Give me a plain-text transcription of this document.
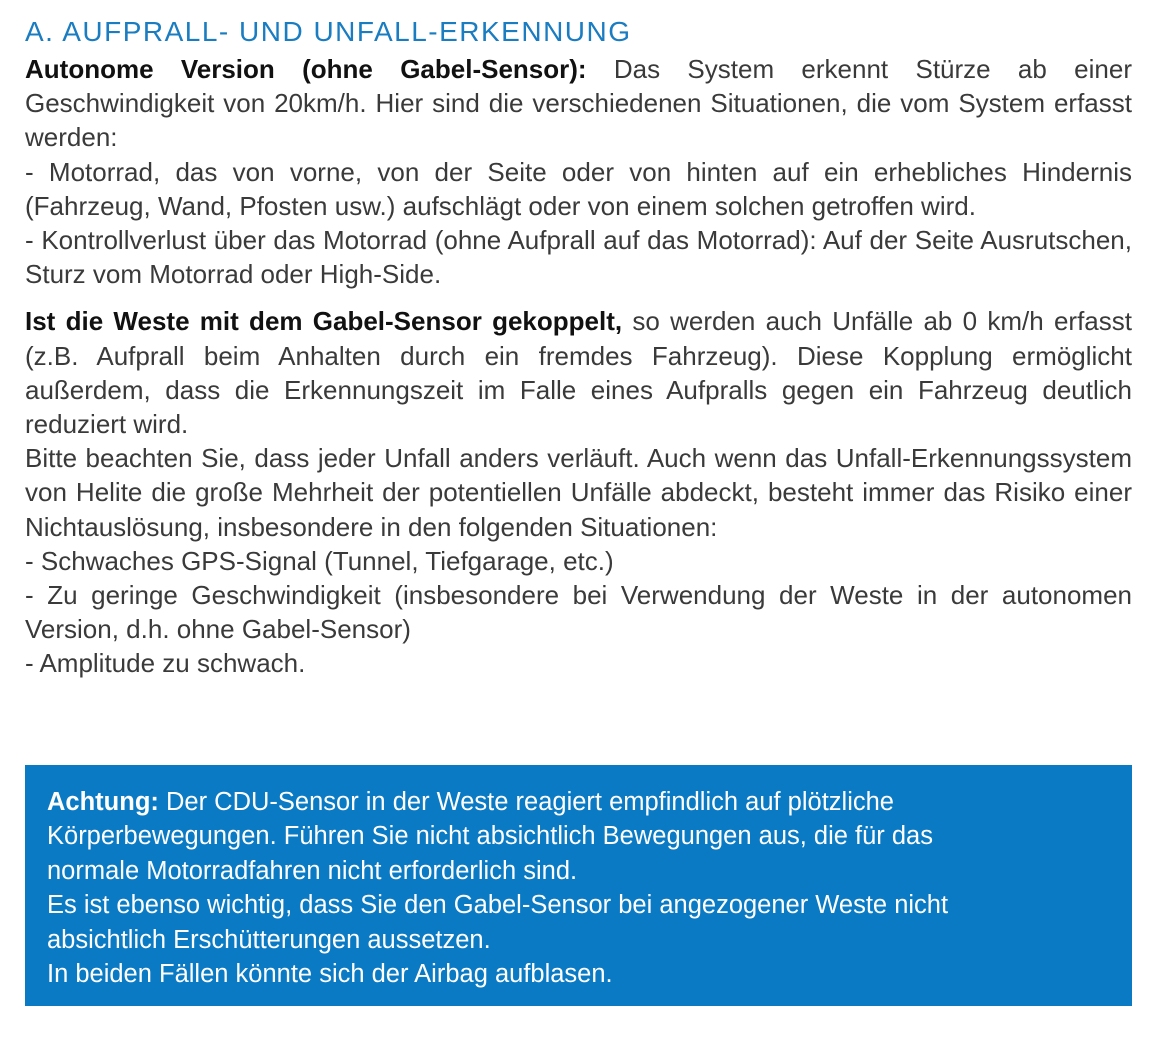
A. AUFPRALL- UND UNFALL-ERKENNUNG

Autonome Version (ohne Gabel-Sensor): Das System erkennt Stürze ab einer Geschwindigkeit von 20km/h. Hier sind die verschiedenen Situationen, die vom System erfasst werden:

- Motorrad, das von vorne, von der Seite oder von hinten auf ein erhebliches Hindernis (Fahrzeug, Wand, Pfosten usw.) aufschlägt oder von einem solchen getroffen wird.

- Kontrollverlust über das Motorrad (ohne Aufprall auf das Motorrad): Auf der Seite Ausrutschen, Sturz vom Motorrad oder High-Side.

Ist die Weste mit dem Gabel-Sensor gekoppelt, so werden auch Unfälle ab 0 km/h erfasst (z.B. Aufprall beim Anhalten durch ein fremdes Fahrzeug). Diese Kopplung ermöglicht außerdem, dass die Erkennungszeit im Falle eines Aufpralls gegen ein Fahrzeug deutlich reduziert wird.

Bitte beachten Sie, dass jeder Unfall anders verläuft. Auch wenn das Unfall-Erkennungssystem von Helite die große Mehrheit der potentiellen Unfälle abdeckt, besteht immer das Risiko einer Nichtauslösung, insbesondere in den folgenden Situationen:

- Schwaches GPS-Signal (Tunnel, Tiefgarage, etc.)

- Zu geringe Geschwindigkeit (insbesondere bei Verwendung der Weste in der autonomen Version, d.h. ohne Gabel-Sensor)

- Amplitude zu schwach.

Achtung: Der CDU-Sensor in der Weste reagiert empfindlich auf plötzliche

Körperbewegungen. Führen Sie nicht absichtlich Bewegungen aus, die für das

normale Motorradfahren nicht erforderlich sind.

Es ist ebenso wichtig, dass Sie den Gabel-Sensor bei angezogener Weste nicht

absichtlich Erschütterungen aussetzen.

In beiden Fällen könnte sich der Airbag aufblasen.
